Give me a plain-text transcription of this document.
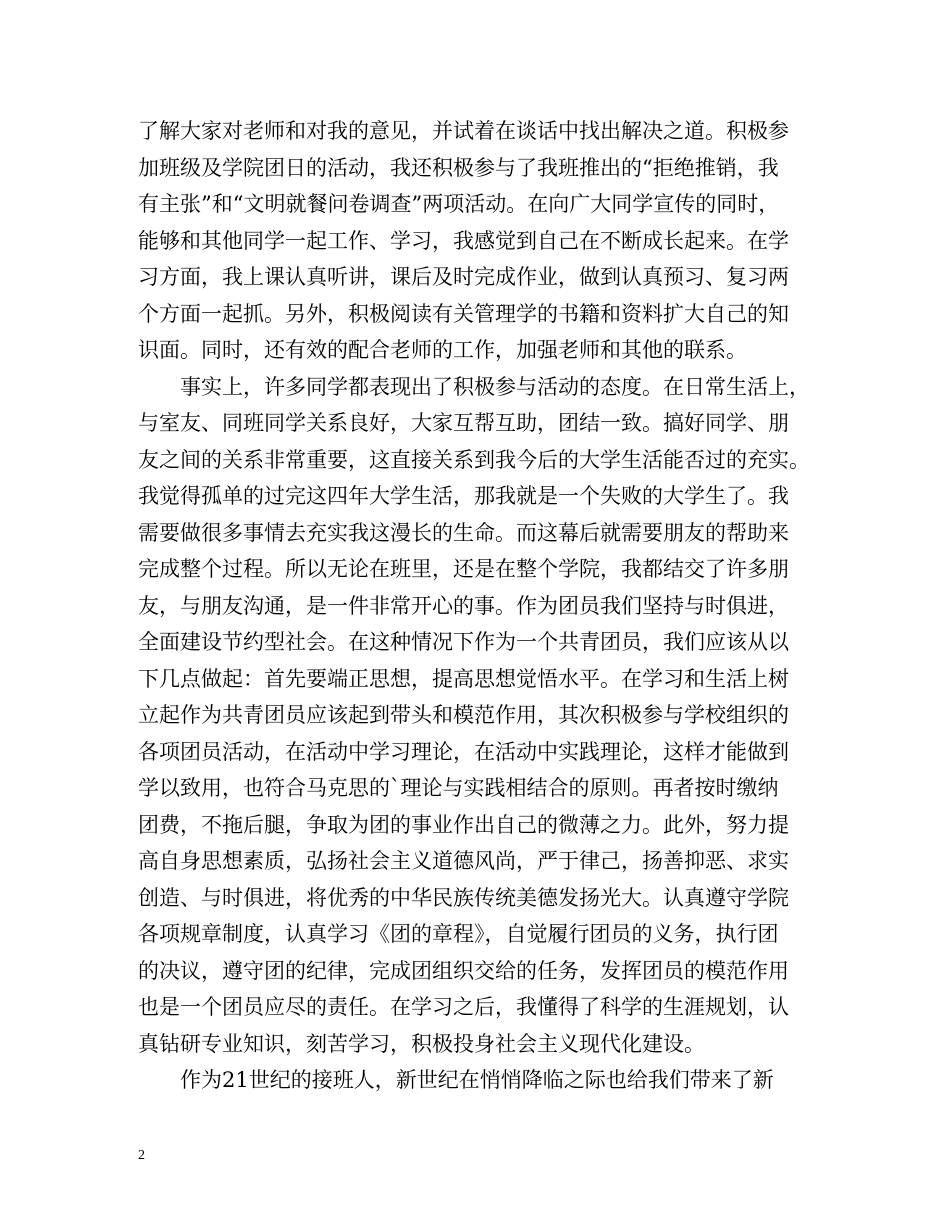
了解大家对老师和对我的意见，并试着在谈话中找出解决之道。积极参
加班级及学院团日的活动，我还积极参与了我班推出的“拒绝推销，我
有主张”和“文明就餐问卷调查”两项活动。在向广大同学宣传的同时，
能够和其他同学一起工作、学习，我感觉到自己在不断成长起来。在学
习方面，我上课认真听讲，课后及时完成作业，做到认真预习、复习两
个方面一起抓。另外，积极阅读有关管理学的书籍和资料扩大自己的知
识面。同时，还有效的配合老师的工作，加强老师和其他的联系。
事实上，许多同学都表现出了积极参与活动的态度。在日常生活上，
与室友、同班同学关系良好，大家互帮互助，团结一致。搞好同学、朋
友之间的关系非常重要，这直接关系到我今后的大学生活能否过的充实。
我觉得孤单的过完这四年大学生活，那我就是一个失败的大学生了。我
需要做很多事情去充实我这漫长的生命。而这幕后就需要朋友的帮助来
完成整个过程。所以无论在班里，还是在整个学院，我都结交了许多朋
友，与朋友沟通，是一件非常开心的事。作为团员我们坚持与时俱进，
全面建设节约型社会。在这种情况下作为一个共青团员，我们应该从以
下几点做起：首先要端正思想，提高思想觉悟水平。在学习和生活上树
立起作为共青团员应该起到带头和模范作用，其次积极参与学校组织的
各项团员活动，在活动中学习理论，在活动中实践理论，这样才能做到
学以致用，也符合马克思的`理论与实践相结合的原则。再者按时缴纳
团费，不拖后腿，争取为团的事业作出自己的微薄之力。此外，努力提
高自身思想素质，弘扬社会主义道德风尚，严于律己，扬善抑恶、求实
创造、与时俱进，将优秀的中华民族传统美德发扬光大。认真遵守学院
各项规章制度，认真学习《团的章程》，自觉履行团员的义务，执行团
的决议，遵守团的纪律，完成团组织交给的任务，发挥团员的模范作用
也是一个团员应尽的责任。在学习之后，我懂得了科学的生涯规划，认
真钻研专业知识，刻苦学习，积极投身社会主义现代化建设。
作为21世纪的接班人，新世纪在悄悄降临之际也给我们带来了新
2
